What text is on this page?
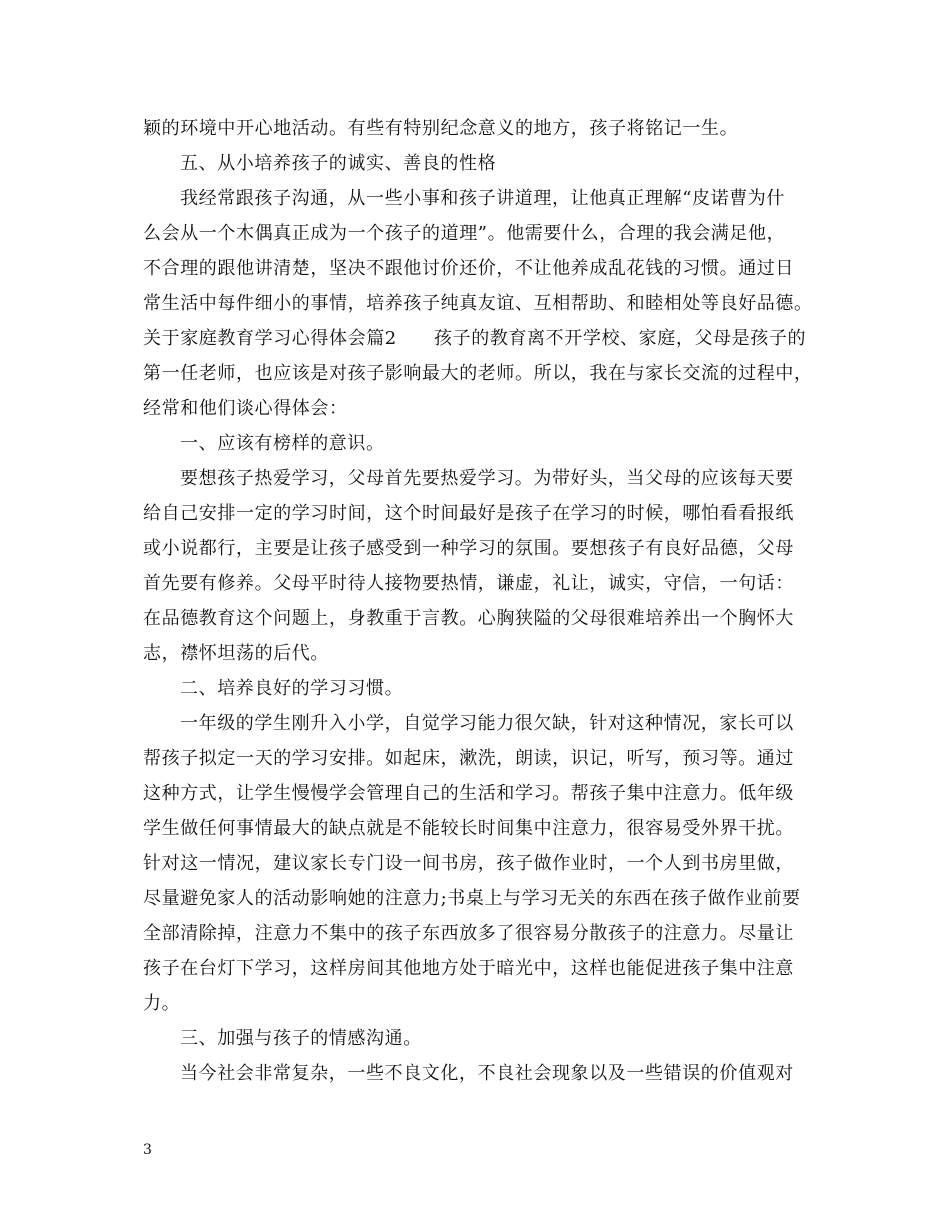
颖的环境中开心地活动。有些有特别纪念意义的地方，孩子将铭记一生。
五、从小培养孩子的诚实、善良的性格
我经常跟孩子沟通，从一些小事和孩子讲道理，让他真正理解“皮诺曹为什
么会从一个木偶真正成为一个孩子的道理”。他需要什么，合理的我会满足他，
不合理的跟他讲清楚，坚决不跟他讨价还价，不让他养成乱花钱的习惯。通过日
常生活中每件细小的事情，培养孩子纯真友谊、互相帮助、和睦相处等良好品德。
关于家庭教育学习心得体会篇2　　孩子的教育离不开学校、家庭，父母是孩子的
第一任老师，也应该是对孩子影响最大的老师。所以，我在与家长交流的过程中，
经常和他们谈心得体会：
一、应该有榜样的意识。
要想孩子热爱学习，父母首先要热爱学习。为带好头，当父母的应该每天要
给自己安排一定的学习时间，这个时间最好是孩子在学习的时候，哪怕看看报纸
或小说都行，主要是让孩子感受到一种学习的氛围。要想孩子有良好品德，父母
首先要有修养。父母平时待人接物要热情，谦虚，礼让，诚实，守信，一句话：
在品德教育这个问题上，身教重于言教。心胸狭隘的父母很难培养出一个胸怀大
志，襟怀坦荡的后代。
二、培养良好的学习习惯。
一年级的学生刚升入小学，自觉学习能力很欠缺，针对这种情况，家长可以
帮孩子拟定一天的学习安排。如起床，漱洗，朗读，识记，听写，预习等。通过
这种方式，让学生慢慢学会管理自己的生活和学习。帮孩子集中注意力。低年级
学生做任何事情最大的缺点就是不能较长时间集中注意力，很容易受外界干扰。
针对这一情况，建议家长专门设一间书房，孩子做作业时，一个人到书房里做，
尽量避免家人的活动影响她的注意力;书桌上与学习无关的东西在孩子做作业前要
全部清除掉，注意力不集中的孩子东西放多了很容易分散孩子的注意力。尽量让
孩子在台灯下学习，这样房间其他地方处于暗光中，这样也能促进孩子集中注意
力。
三、加强与孩子的情感沟通。
当今社会非常复杂，一些不良文化，不良社会现象以及一些错误的价值观对
3
